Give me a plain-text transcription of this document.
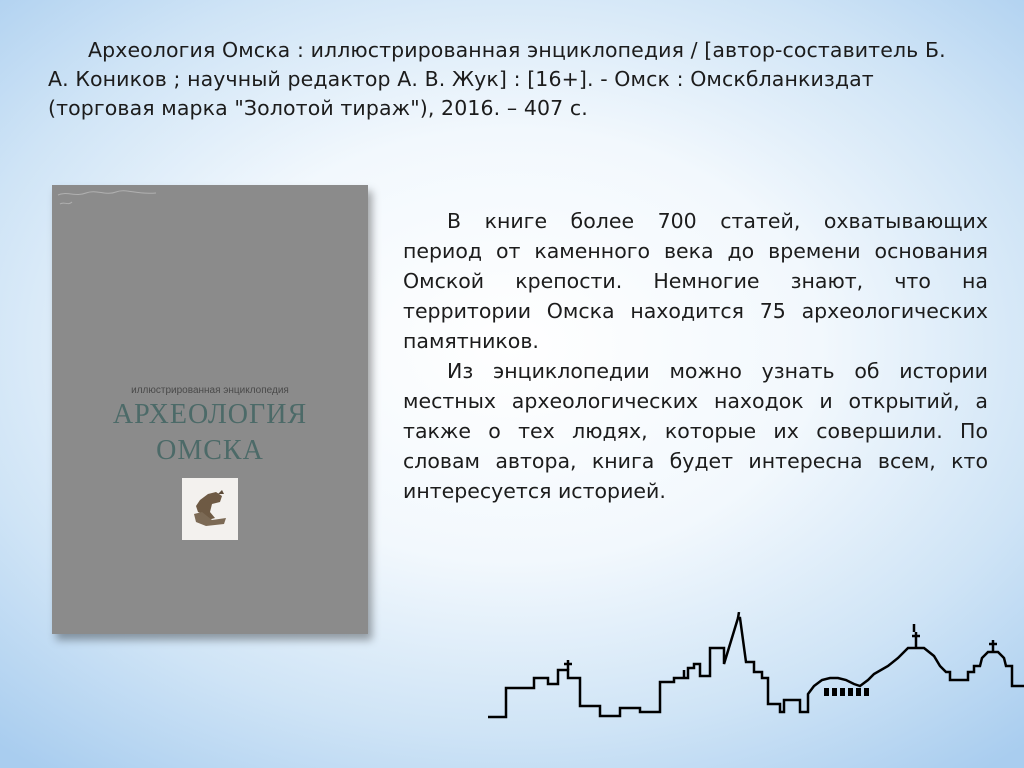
Археология Омска : иллюстрированная энциклопедия / [автор-составитель Б. А. Коников ; научный редактор А. В. Жук] : [16+]. - Омск : Омскбланкиздат (торговая марка "Золотой тираж"), 2016. – 407 с.

иллюстрированная энциклопедия
АРХЕОЛОГИЯ
ОМСКА

В книге более 700 статей, охватывающих период от каменного века до времени основания Омской крепости. Немногие знают, что на территории Омска находится 75 археологических памятников.

Из энциклопедии можно узнать об истории местных археологических находок и открытий, а также о тех людях, которые их совершили. По словам автора, книга будет интересна всем, кто интересуется историей.
